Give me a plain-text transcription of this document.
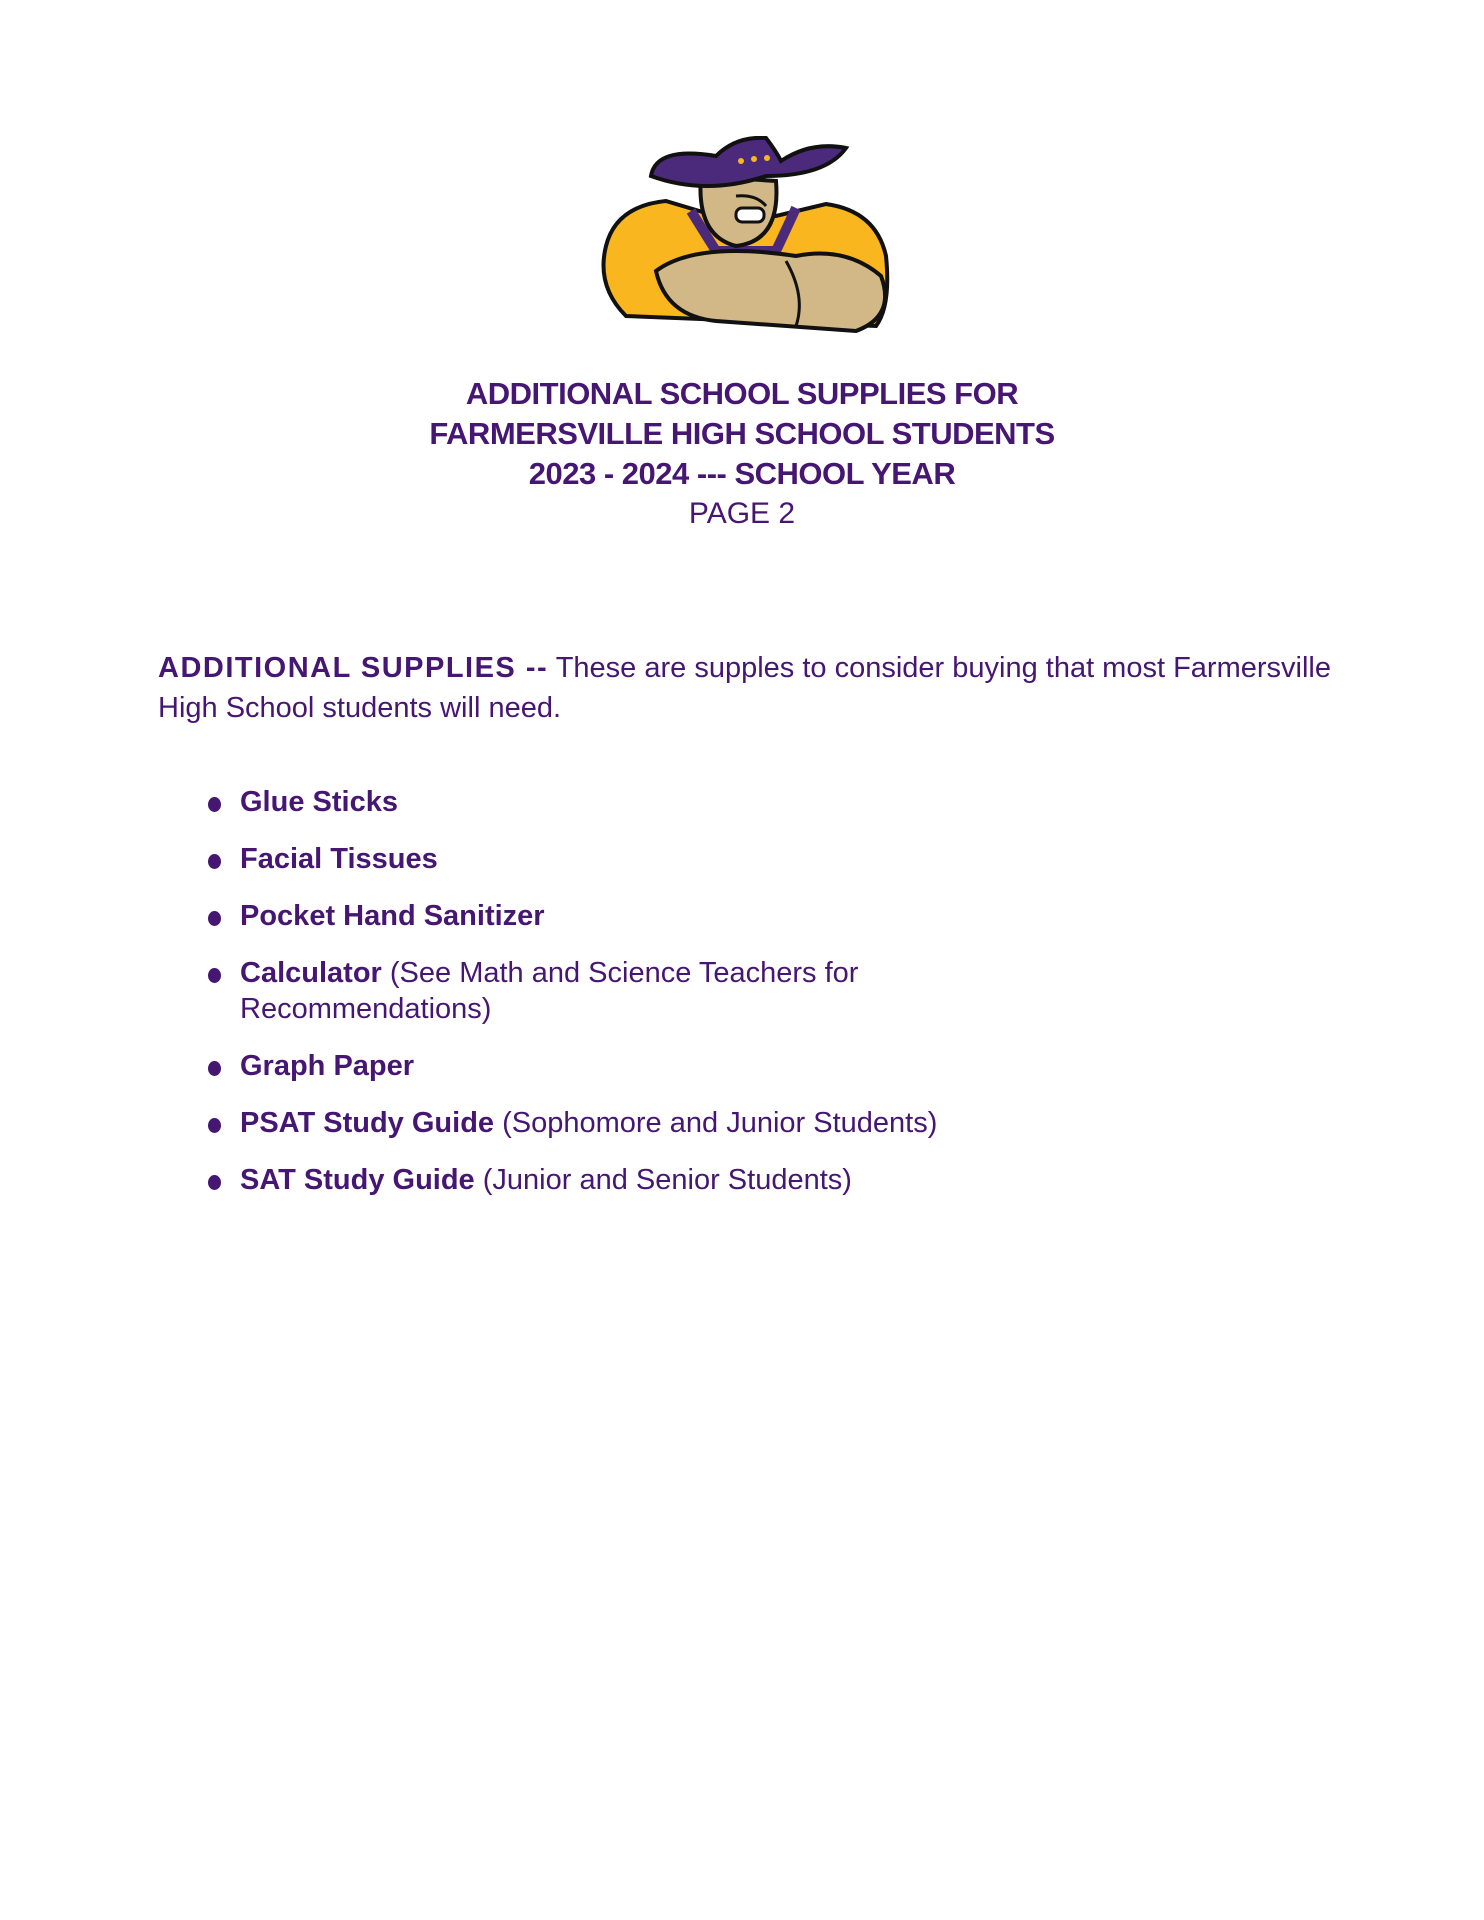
ADDITIONAL SCHOOL SUPPLIES FOR
FARMERSVILLE HIGH SCHOOL STUDENTS
2023 - 2024 --- SCHOOL YEAR
PAGE 2
ADDITIONAL SUPPLIES -- These are supples to consider buying that most Farmersville High School students will need.
Glue Sticks
Facial Tissues
Pocket Hand Sanitizer
Calculator (See Math and Science Teachers for Recommendations)
Graph Paper
PSAT Study Guide (Sophomore and Junior Students)
SAT Study Guide (Junior and Senior Students)
